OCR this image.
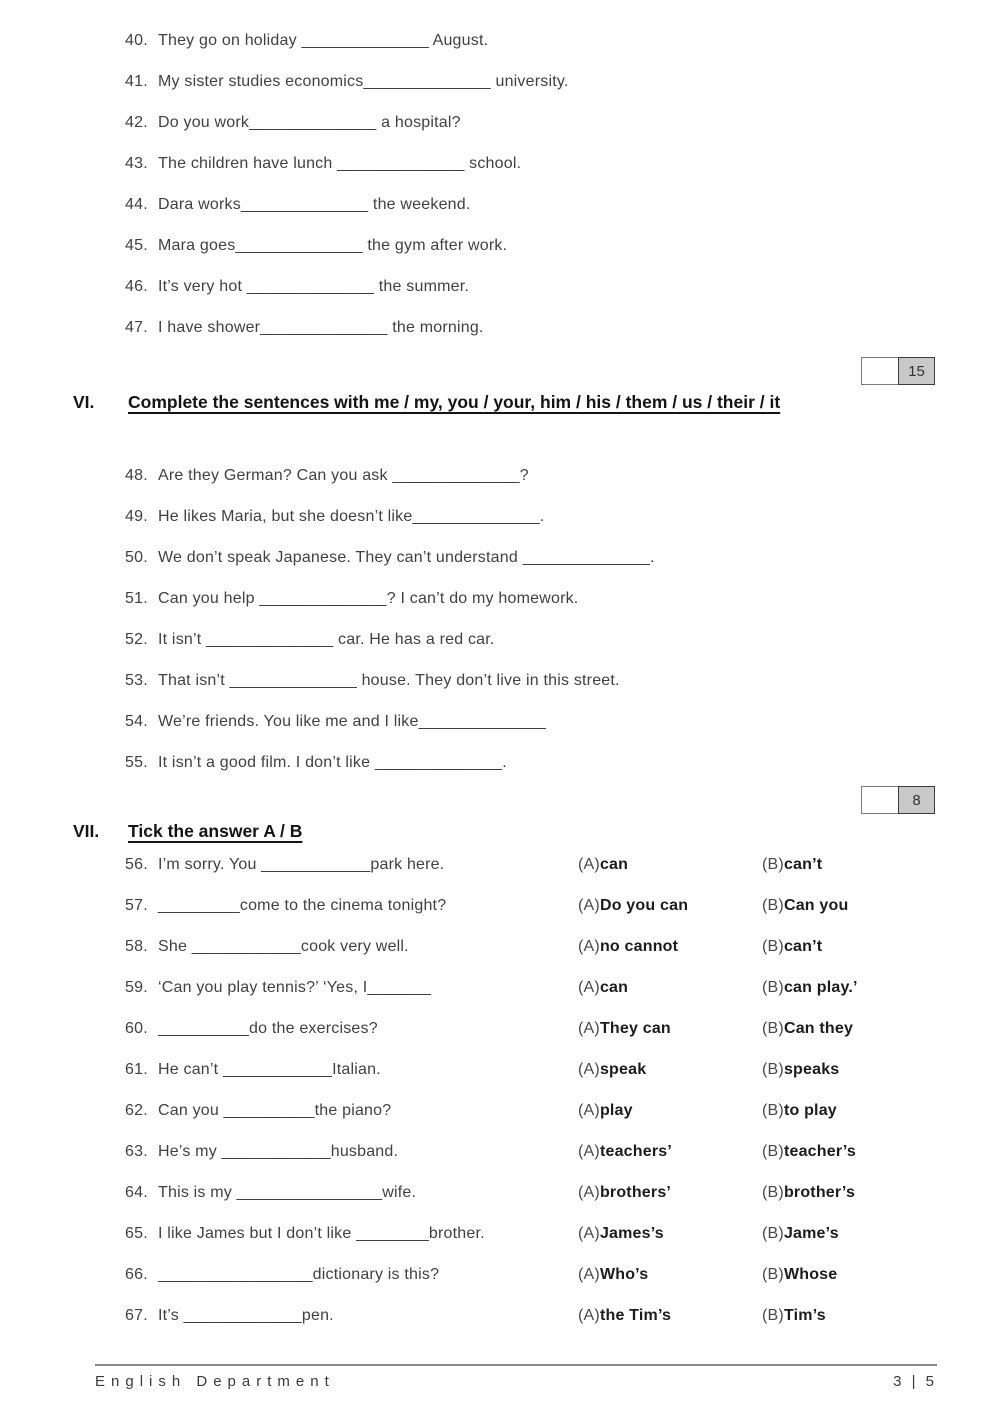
40. They go on holiday ______________ August.
41. My sister studies economics______________ university.
42. Do you work______________ a hospital?
43. The children have lunch ______________ school.
44. Dara works______________ the weekend.
45. Mara goes______________ the gym after work.
46. It’s very hot ______________ the summer.
47. I have shower______________ the morning.
15
VI.	Complete the sentences with me / my, you / your, him / his / them / us / their / it
48. Are they German? Can you ask ______________?
49. He likes Maria, but she doesn’t like______________.
50. We don’t speak Japanese. They can’t understand ______________.
51. Can you help ______________? I can’t do my homework.
52. It isn’t ______________ car. He has a red car.
53. That isn’t ______________ house. They don’t live in this street.
54. We’re friends. You like me and I like______________
55. It isn’t a good film. I don’t like ______________.
8
VII.	Tick the answer A / B
56. I’m sorry. You ____________park here.	(A)can	(B)can’t
57. _________come to the cinema tonight?	(A)Do you can	(B)Can you
58. She ____________cook very well.	(A)no cannot	(B)can’t
59. ‘Can you play tennis?’ ‘Yes, I_______	(A)can	(B)can play.’
60. __________do the exercises?	(A)They can	(B)Can they
61. He can’t ____________Italian.	(A)speak	(B)speaks
62. Can you __________the piano?	(A)play	(B)to play
63. He’s my ____________husband.	(A)teachers’	(B)teacher’s
64. This is my ________________wife.	(A)brothers’	(B)brother’s
65. I like James but I don’t like ________brother.	(A)James’s	(B)Jame’s
66. _________________dictionary is this?	(A)Who’s	(B)Whose
67. It’s _____________pen.	(A)the Tim’s	(B)Tim’s
English Department	3 | 5
